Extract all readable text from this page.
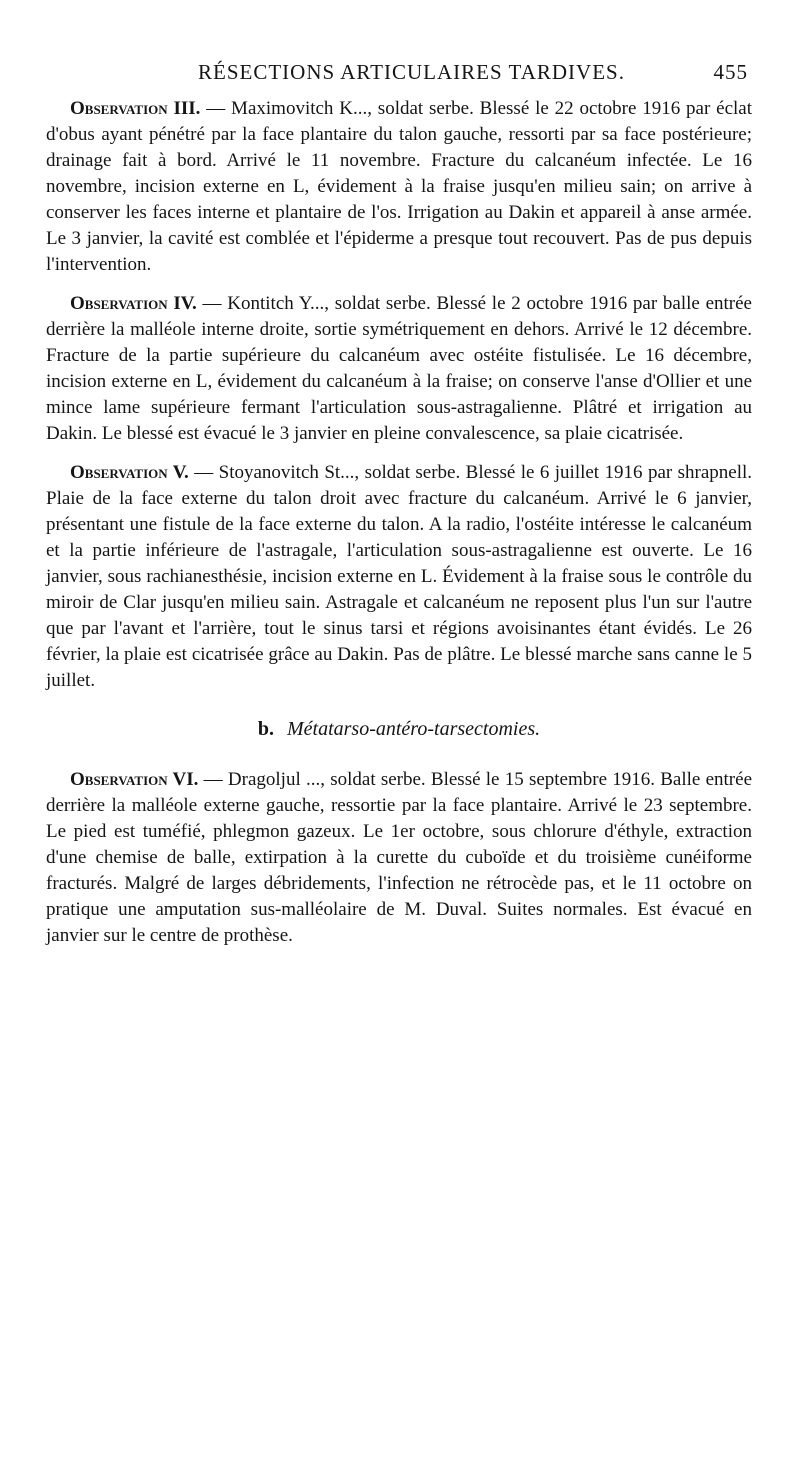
RÉSECTIONS ARTICULAIRES TARDIVES.	455

Observation III. — Maximovitch K..., soldat serbe. Blessé le 22 octobre 1916 par éclat d'obus ayant pénétré par la face plantaire du talon gauche, ressorti par sa face postérieure; drainage fait à bord. Arrivé le 11 novembre. Fracture du calcanéum infectée. Le 16 novembre, incision externe en L, évidement à la fraise jusqu'en milieu sain; on arrive à conserver les faces interne et plantaire de l'os. Irrigation au Dakin et appareil à anse armée. Le 3 janvier, la cavité est comblée et l'épiderme a presque tout recouvert. Pas de pus depuis l'intervention.

Observation IV. — Kontitch Y..., soldat serbe. Blessé le 2 octobre 1916 par balle entrée derrière la malléole interne droite, sortie symétriquement en dehors. Arrivé le 12 décembre. Fracture de la partie supérieure du calcanéum avec ostéite fistulisée. Le 16 décembre, incision externe en L, évidement du calcanéum à la fraise; on conserve l'anse d'Ollier et une mince lame supérieure fermant l'articulation sous-astragalienne. Plâtré et irrigation au Dakin. Le blessé est évacué le 3 janvier en pleine convalescence, sa plaie cicatrisée.

Observation V. — Stoyanovitch St..., soldat serbe. Blessé le 6 juillet 1916 par shrapnell. Plaie de la face externe du talon droit avec fracture du calcanéum. Arrivé le 6 janvier, présentant une fistule de la face externe du talon. A la radio, l'ostéite intéresse le calcanéum et la partie inférieure de l'astragale, l'articulation sous-astragalienne est ouverte. Le 16 janvier, sous rachianesthésie, incision externe en L. Évidement à la fraise sous le contrôle du miroir de Clar jusqu'en milieu sain. Astragale et calcanéum ne reposent plus l'un sur l'autre que par l'avant et l'arrière, tout le sinus tarsi et régions avoisinantes étant évidés. Le 26 février, la plaie est cicatrisée grâce au Dakin. Pas de plâtre. Le blessé marche sans canne le 5 juillet.

b. Métatarso-antéro-tarsectomies.

Observation VI. — Dragoljul ..., soldat serbe. Blessé le 15 septembre 1916. Balle entrée derrière la malléole externe gauche, ressortie par la face plantaire. Arrivé le 23 septembre. Le pied est tuméfié, phlegmon gazeux. Le 1er octobre, sous chlorure d'éthyle, extraction d'une chemise de balle, extirpation à la curette du cuboïde et du troisième cunéiforme fracturés. Malgré de larges débridements, l'infection ne rétrocède pas, et le 11 octobre on pratique une amputation sus-malléolaire de M. Duval. Suites normales. Est évacué en janvier sur le centre de prothèse.
